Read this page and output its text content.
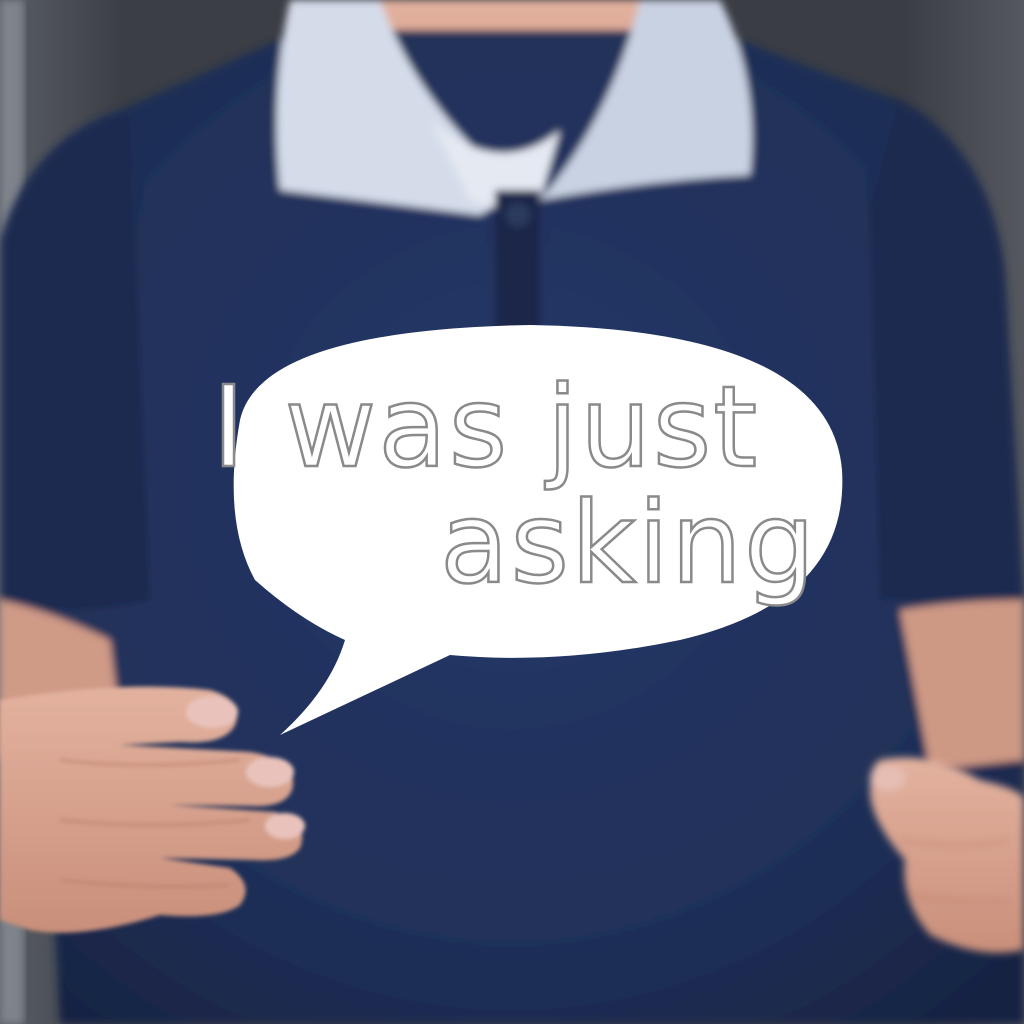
I was just
asking
